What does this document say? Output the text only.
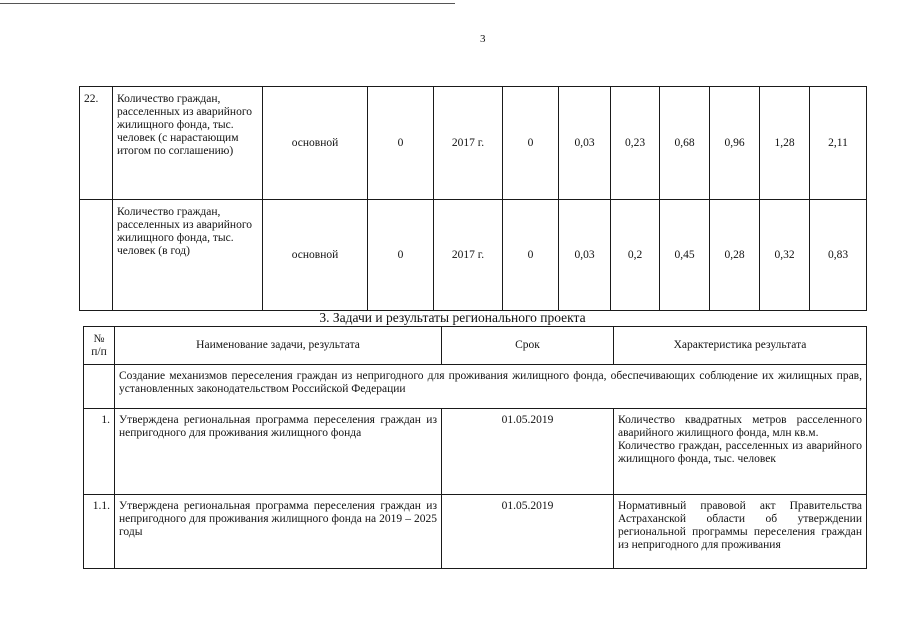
3
22.	Количество граждан, расселенных из аварийного жилищного фонда, тыс. человек (с нарастающим итогом по соглашению)	основной	0	2017 г.	0	0,03	0,23	0,68	0,96	1,28	2,11
	Количество граждан, расселенных из аварийного жилищного фонда, тыс. человек (в год)	основной	0	2017 г.	0	0,03	0,2	0,45	0,28	0,32	0,83
3. Задачи и результаты регионального проекта
№ п/п	Наименование задачи, результата	Срок	Характеристика результата
	Создание механизмов переселения граждан из непригодного для проживания жилищного фонда, обеспечивающих соблюдение их жилищных прав, установленных законодательством Российской Федерации		
1.	Утверждена региональная программа переселения граждан из непригодного для проживания жилищного фонда	01.05.2019	Количество квадратных метров расселенного аварийного жилищного фонда, млн кв.м.
Количество граждан, расселенных из аварийного жилищного фонда, тыс. человек

1.1.	Утверждена региональная программа переселения граждан из непригодного для проживания жилищного фонда на 2019 – 2025 годы	01.05.2019	Нормативный правовой акт Правительства Астраханской области об утверждении региональной программы переселения граждан из непригодного для проживания
